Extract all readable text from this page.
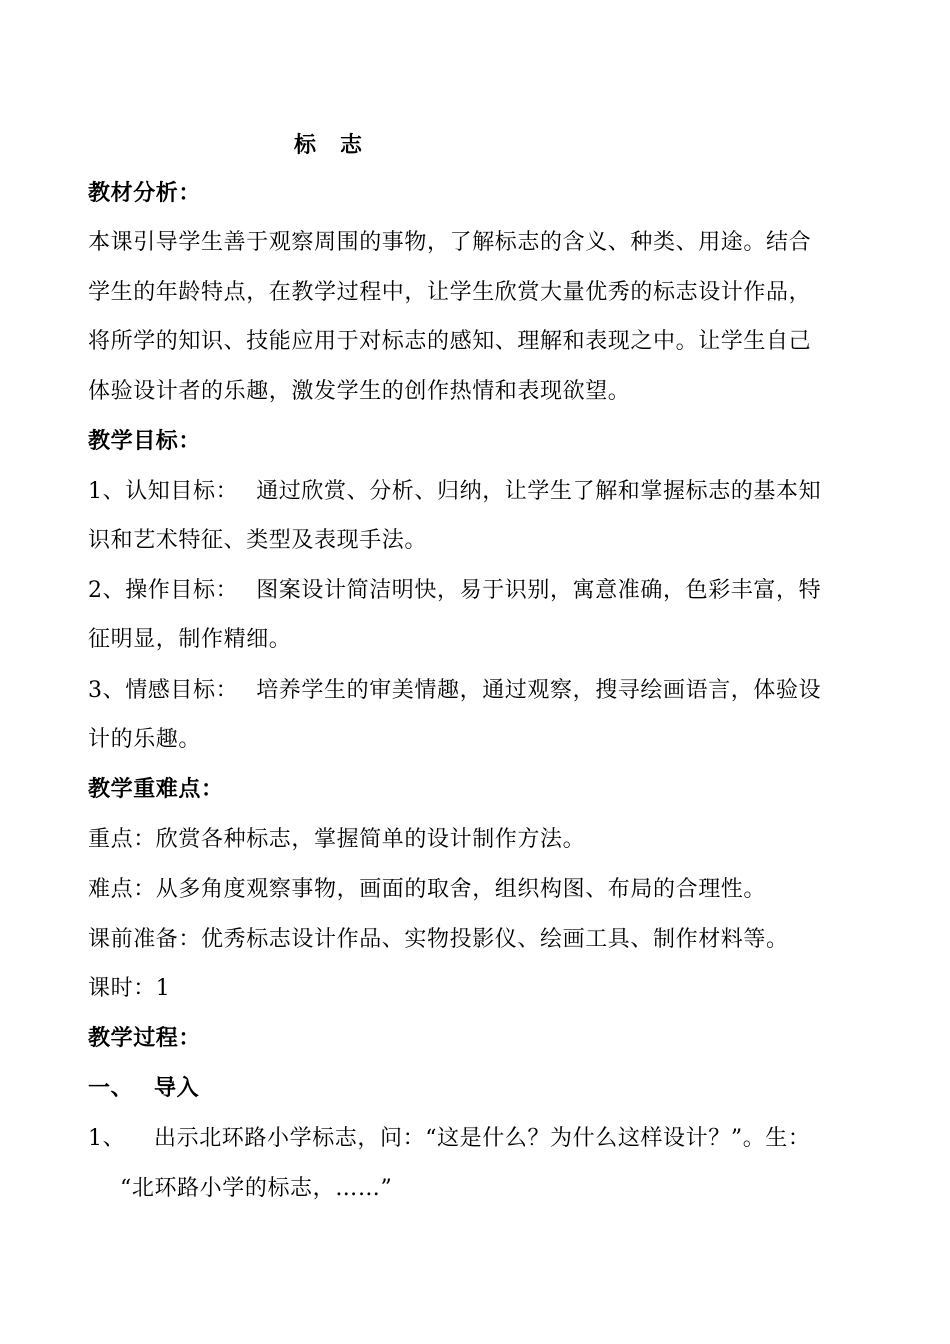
标志
教材分析：
本课引导学生善于观察周围的事物，了解标志的含义、种类、用途。结合
学生的年龄特点，在教学过程中，让学生欣赏大量优秀的标志设计作品，
将所学的知识、技能应用于对标志的感知、理解和表现之中。让学生自己
体验设计者的乐趣，激发学生的创作热情和表现欲望。
教学目标：
1、认知目标： 通过欣赏、分析、归纳，让学生了解和掌握标志的基本知
识和艺术特征、类型及表现手法。
2、操作目标： 图案设计简洁明快，易于识别，寓意准确，色彩丰富，特
征明显，制作精细。
3、情感目标： 培养学生的审美情趣，通过观察，搜寻绘画语言，体验设
计的乐趣。
教学重难点：
重点：欣赏各种标志，掌握简单的设计制作方法。
难点：从多角度观察事物，画面的取舍，组织构图、布局的合理性。
课前准备：优秀标志设计作品、实物投影仪、绘画工具、制作材料等。
课时：1
教学过程：
一、 导入
1、 出示北环路小学标志，问：“这是什么？为什么这样设计？”。生：
“北环路小学的标志，……”
